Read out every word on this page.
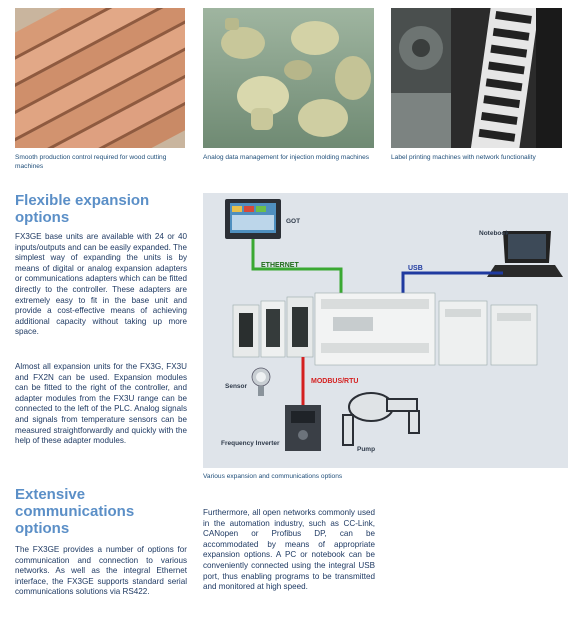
Smooth production control required for wood cutting machines
Analog data management for injection molding machines	Label printing machines with network functionality
Flexible expansion
options
FX3GE base units are available with 24 or 40 inputs/outputs and can be easily expanded. The simplest way of expanding the units is by means of digital or analog expansion adapters or communications adapters which can be fitted directly to the controller. These adapters are extremely easy to fit in the base unit and provide a cost-effective means of achieving additional capacity without taking up more space.
Almost all expansion units for the FX3G, FX3U and FX2N can be used. Expansion modules can be fitted to the right of the controller, and adapter modules from the FX3U range can be connected to the left of the PLC. Analog signals and signals from temperature sensors can be measured straightforwardly and quickly with the help of these adapter modules.
Extensive
communications
options
The FX3GE provides a number of options for communication and connection to various networks. As well as the integral Ethernet interface, the FX3GE supports standard serial communications solutions via RS422.
Furthermore, all open networks commonly used in the automation industry, such as CC-Link, CANopen or Profibus DP, can be accommodated by means of appropriate expansion options. A PC or notebook can be conveniently connected using the integral USB port, thus enabling programs to be transmitted and monitored at high speed.
GOT
Notebook
ETHERNET	USB
Sensor
MODBUS/RTU
Frequency Inverter
Pump
Various expansion and communications options
